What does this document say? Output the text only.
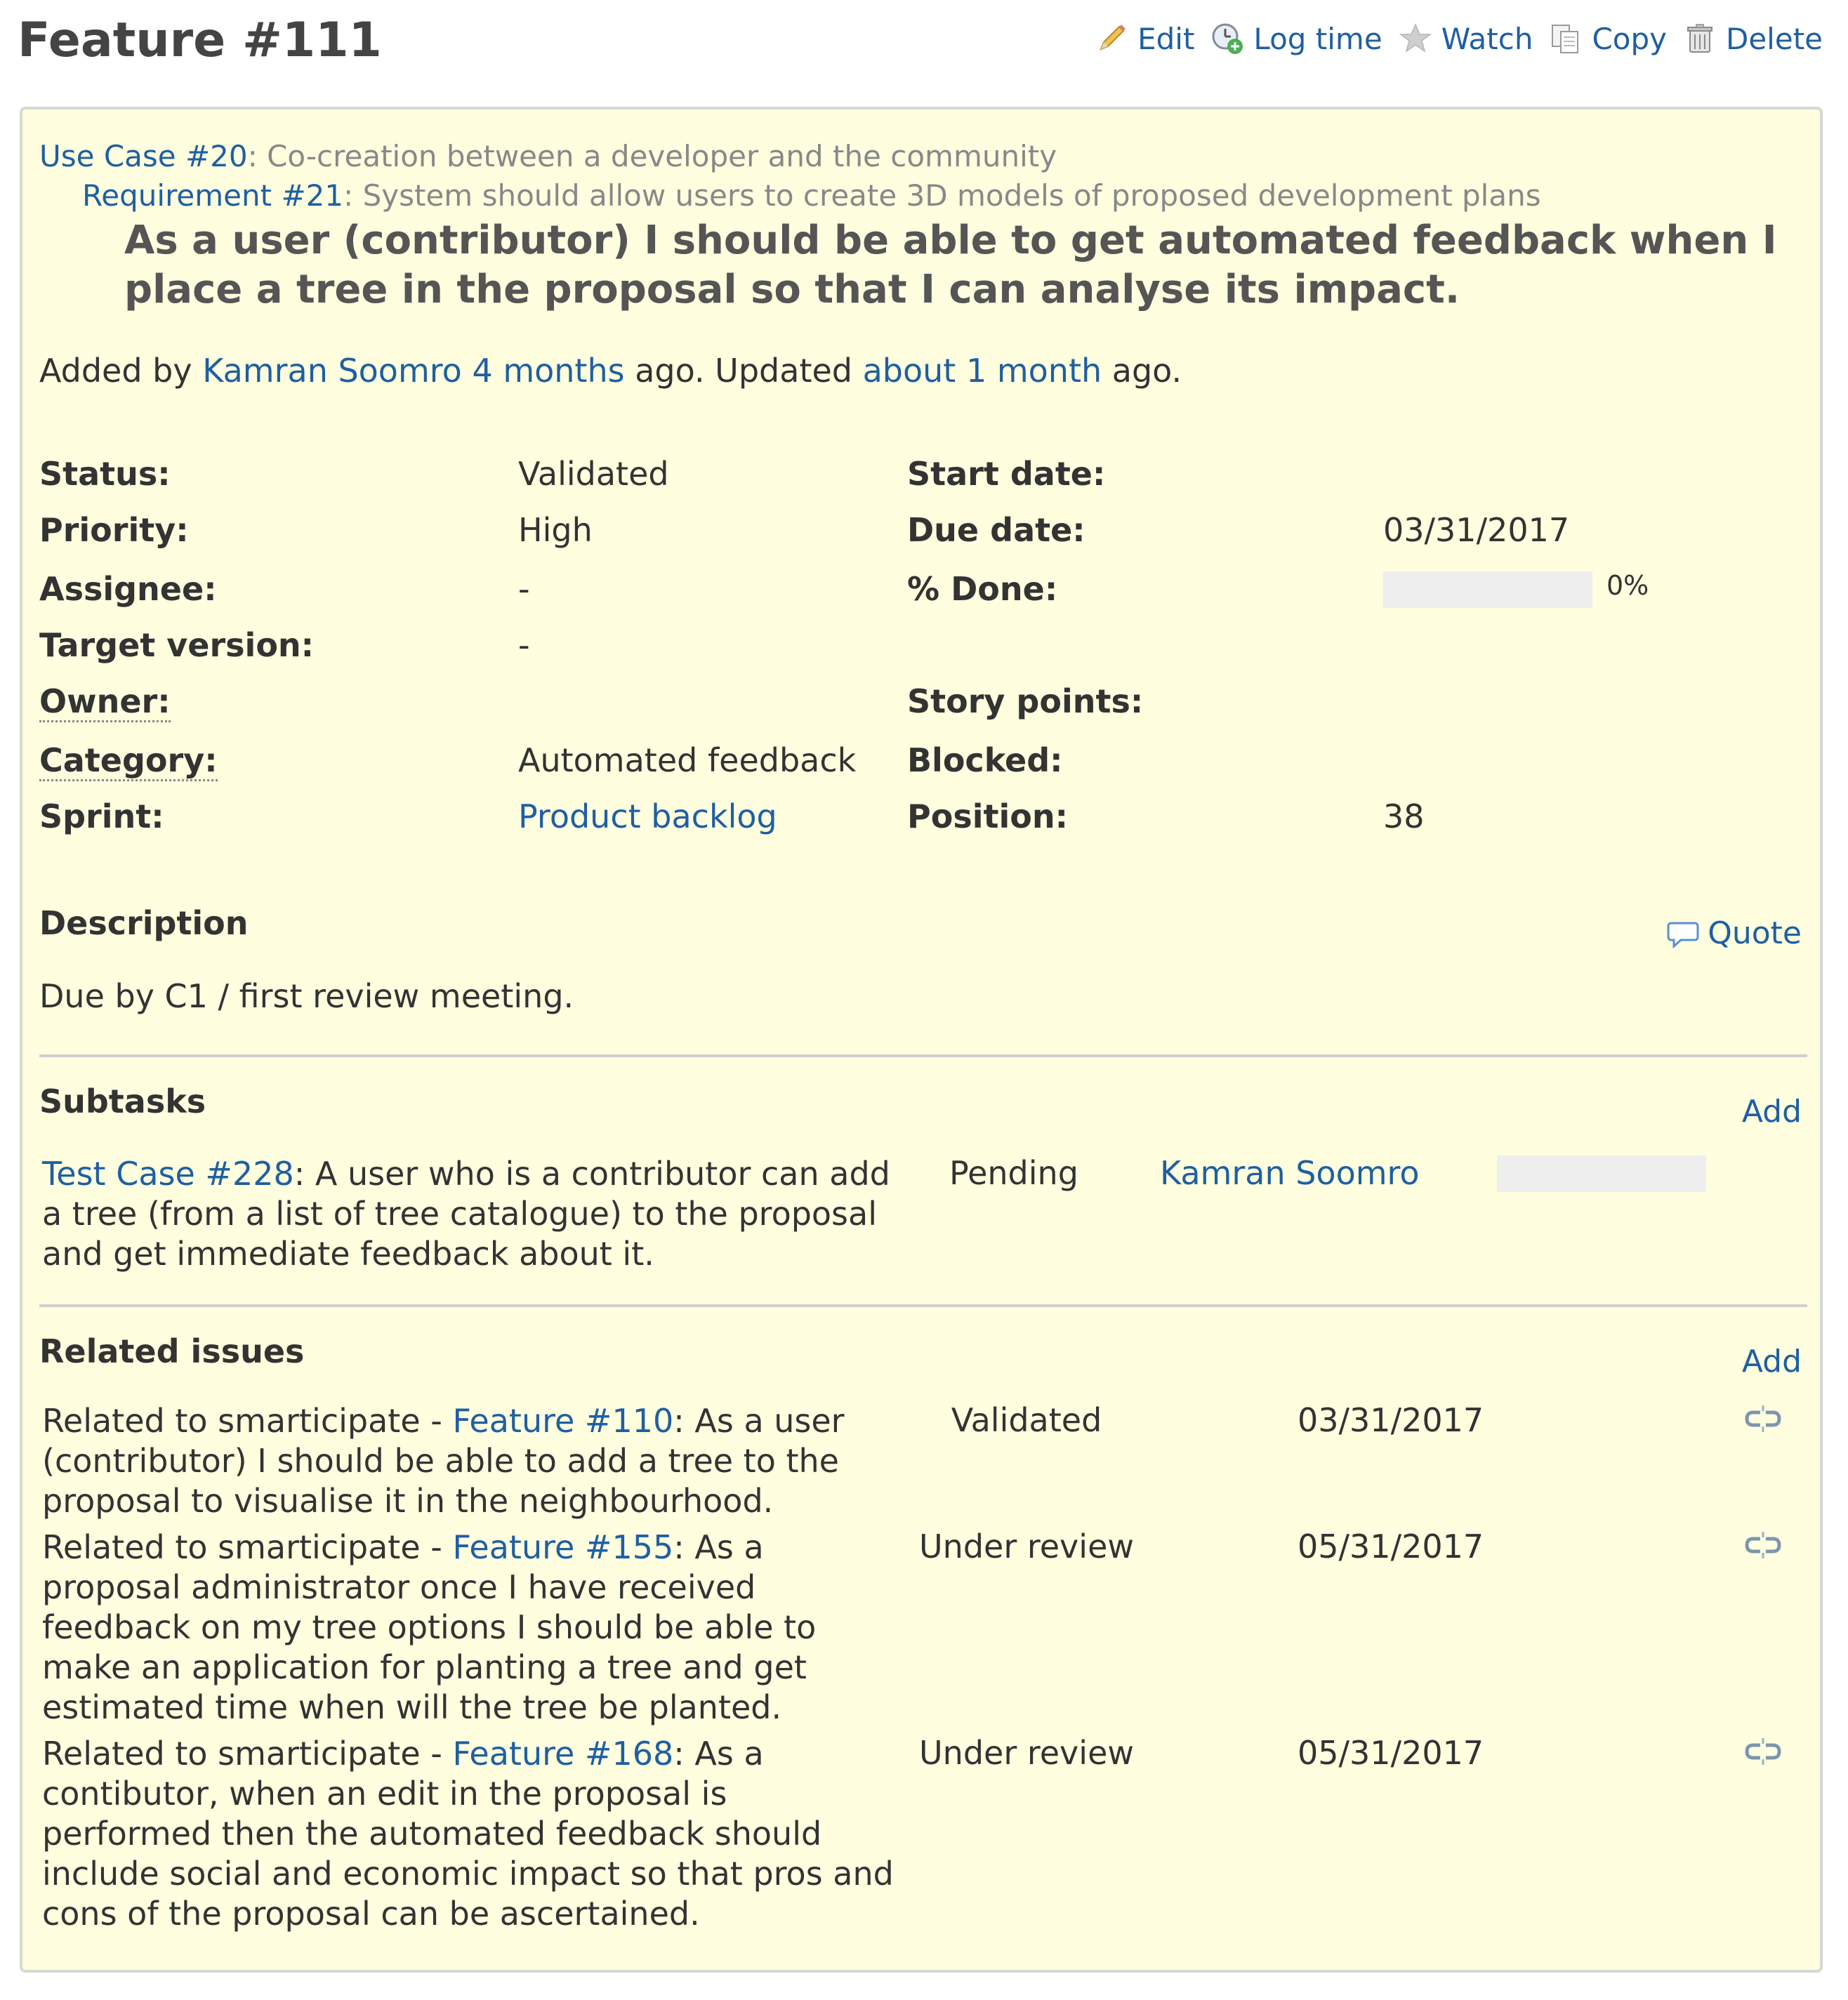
Feature #111	Edit Log time Watch Copy Delete
Use Case #20: Co-creation between a developer and the community
Requirement #21: System should allow users to create 3D models of proposed development plans
As a user (contributor) I should be able to get automated feedback when I place a tree in the proposal so that I can analyse its impact.
Added by Kamran Soomro 4 months ago. Updated about 1 month ago.
Status:	Validated
Priority:	High
Assignee:	-
Target version:	-
Owner:
Category:	Automated feedback
Sprint:	Product backlog
Start date:
Due date:	03/31/2017
% Done:	0%
Story points:
Blocked:
Position:	38
Description	Quote
Due by C1 / first review meeting.
Subtasks	Add
Test Case #228: A user who is a contributor can add a tree (from a list of tree catalogue) to the proposal and get immediate feedback about it.
Pending	Kamran Soomro
Related issues	Add
Related to smarticipate - Feature #110: As a user (contributor) I should be able to add a tree to the proposal to visualise it in the neighbourhood.
Validated	03/31/2017
Related to smarticipate - Feature #155: As a proposal administrator once I have received feedback on my tree options I should be able to make an application for planting a tree and get estimated time when will the tree be planted.
Under review	05/31/2017
Related to smarticipate - Feature #168: As a contibutor, when an edit in the proposal is performed then the automated feedback should include social and economic impact so that pros and cons of the proposal can be ascertained.
Under review	05/31/2017
